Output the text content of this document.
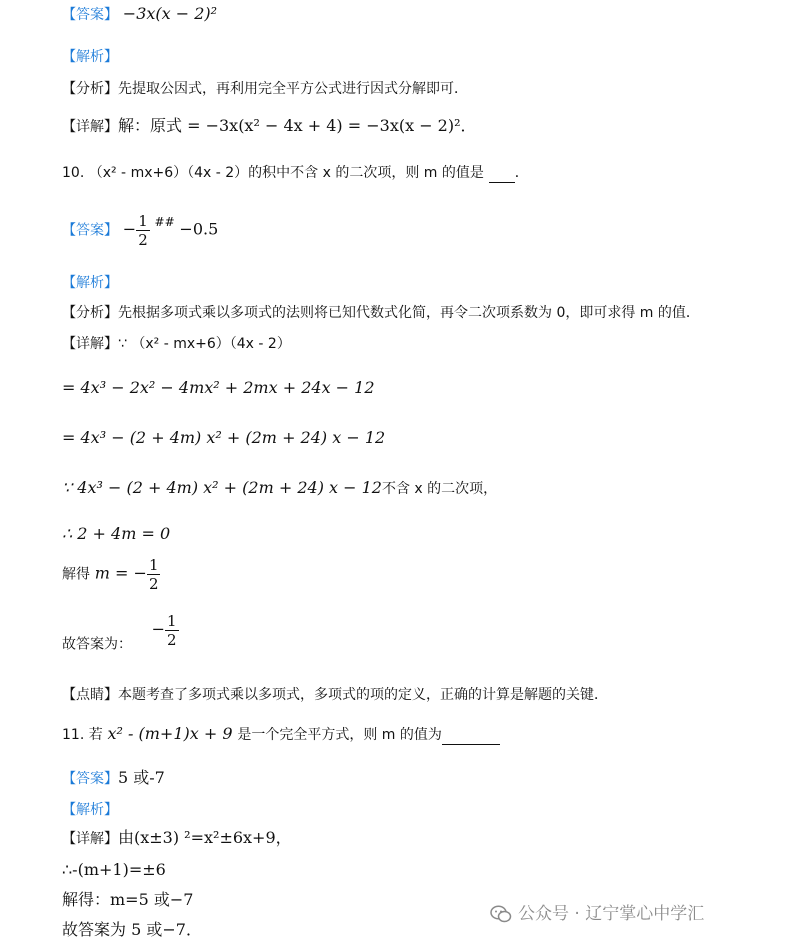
【答案】 −3x(x − 2)²
【解析】
【分析】先提取公因式，再利用完全平方公式进行因式分解即可．
【详解】解：原式 = −3x(x² − 4x + 4) = −3x(x − 2)²．
10. （x² - mx+6）（4x - 2）的积中不含 x 的二次项，则 m 的值是 ．
【答案】 − $\frac{1}{2} ^{\#\#} -0.5$
【解析】
【分析】先根据多项式乘以多项式的法则将已知代数式化简，再令二次项系数为 0，即可求得 m 的值．
【详解】∵ （x² - mx+6）（4x - 2）
= 4x³ − 2x² − 4mx² + 2mx + 24x − 12
= 4x³ − (2 + 4m) x² + (2m + 24) x − 12
∵ 4x³ − (2 + 4m) x² + (2m + 24) x − 12不含 x 的二次项，
∴ 2 + 4m = 0
解得 m = − $\frac{1}{2}$
故答案为：  − $\frac{1}{2}$
【点睛】本题考查了多项式乘以多项式，多项式的项的定义，正确的计算是解题的关键．
11. 若 x² - (m+1)x + 9 是一个完全平方式，则 m 的值为
【答案】5 或-7
【解析】
【详解】由(x±3) ²=x²±6x+9，
∴-(m+1)=±6
解得：m=5 或−7
故答案为 5 或−7．
公众号 · 辽宁掌心中学汇
